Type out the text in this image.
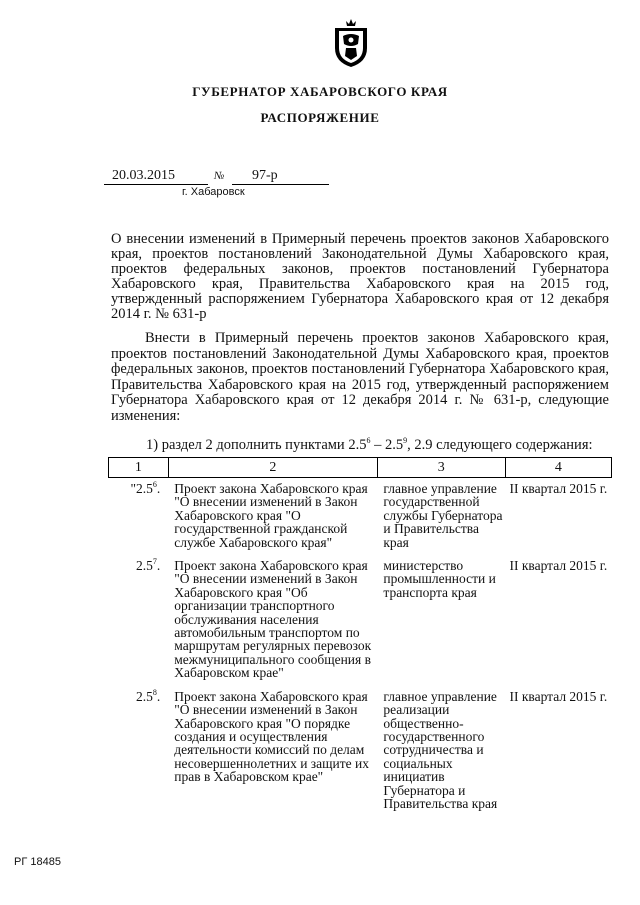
ГУБЕРНАТОР ХАБАРОВСКОГО КРАЯ
РАСПОРЯЖЕНИЕ
20.03.2015	№	97-р
г. Хабаровск
О внесении изменений в Примерный перечень проектов законов Хабаровского края, проектов постановлений Законодательной Думы Хабаровского края, проектов федеральных законов, проектов постановлений Губернатора Хабаровского края, Правительства Хабаровского края на 2015 год, утвержденный распоряжением Губернатора Хабаровского края от 12 декабря 2014 г. № 631-р
Внести в Примерный перечень проектов законов Хабаровского края, проектов постановлений Законодательной Думы Хабаровского края, проектов федеральных законов, проектов постановлений Губернатора Хабаровского края, Правительства Хабаровского края на 2015 год, утвержденный распоряжением Губернатора Хабаровского края от 12 декабря 2014 г. № 631-р, следующие изменения:
1) раздел 2 дополнить пунктами $2.5^6 - 2.5^9$, 2.9 следующего содержания:
1	2	3	4
"$2.5^6$.	Проект закона Хабаровского края "О внесении изменений в Закон Хабаровского края "О государственной гражданской службе Хабаровского края"	главное управление государственной службы Губернатора и Правительства края	II квартал 2015 г.
$2.5^7$.	Проект закона Хабаровского края "О внесении изменений в Закон Хабаровского края "Об организации транспортного обслуживания населения автомобильным транспортом по маршрутам регулярных перевозок межмуниципального сообщения в Хабаровском крае"	министерство промышленности и транспорта края	II квартал 2015 г.
$2.5^8$.	Проект закона Хабаровского края "О внесении изменений в Закон Хабаровского края "О порядке создания и осуществления деятельности комиссий по делам несовершеннолетних и защите их прав в Хабаровском крае"	главное управление реализации общественно-государственного сотрудничества и социальных инициатив Губернатора и Правительства края	II квартал 2015 г.
РГ 18485
